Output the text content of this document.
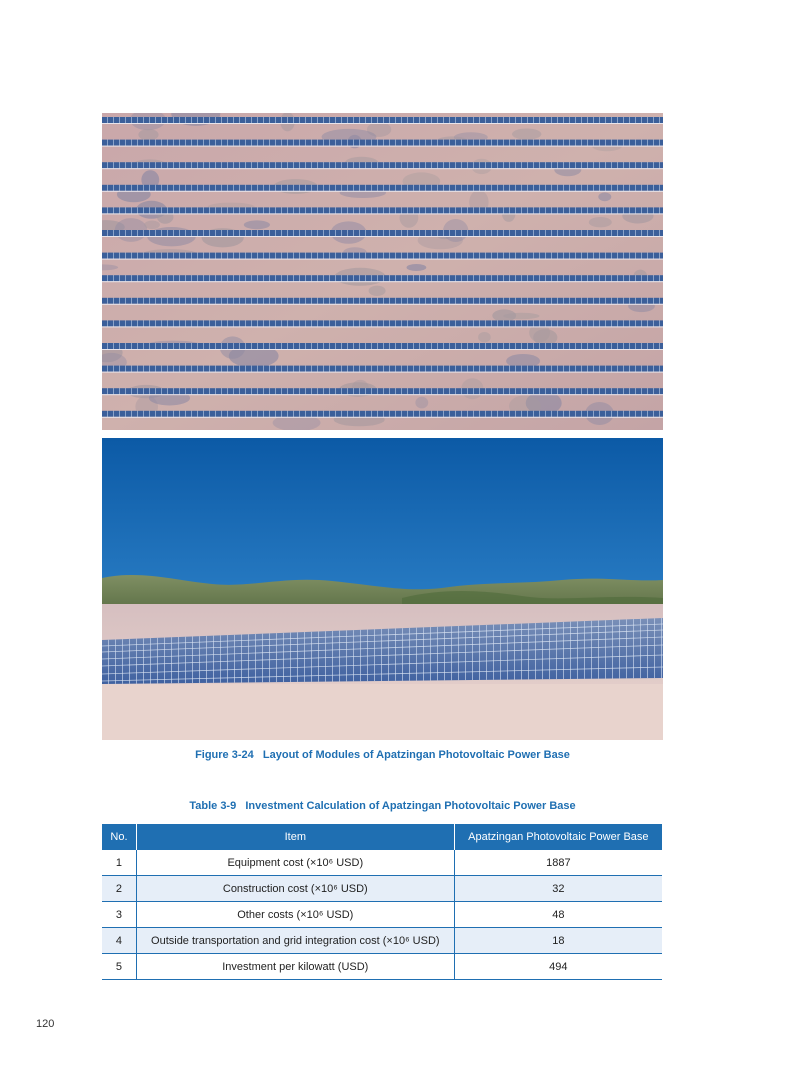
Figure 3-24   Layout of Modules of Apatzingan Photovoltaic Power Base
Table 3-9   Investment Calculation of Apatzingan Photovoltaic Power Base
No.	Item	Apatzingan Photovoltaic Power Base
1	Equipment cost (×10⁶ USD)	1887
2	Construction cost (×10⁶ USD)	32
3	Other costs (×10⁶ USD)	48
4	Outside transportation and grid integration cost (×10⁶ USD)	18
5	Investment per kilowatt (USD)	494
120
